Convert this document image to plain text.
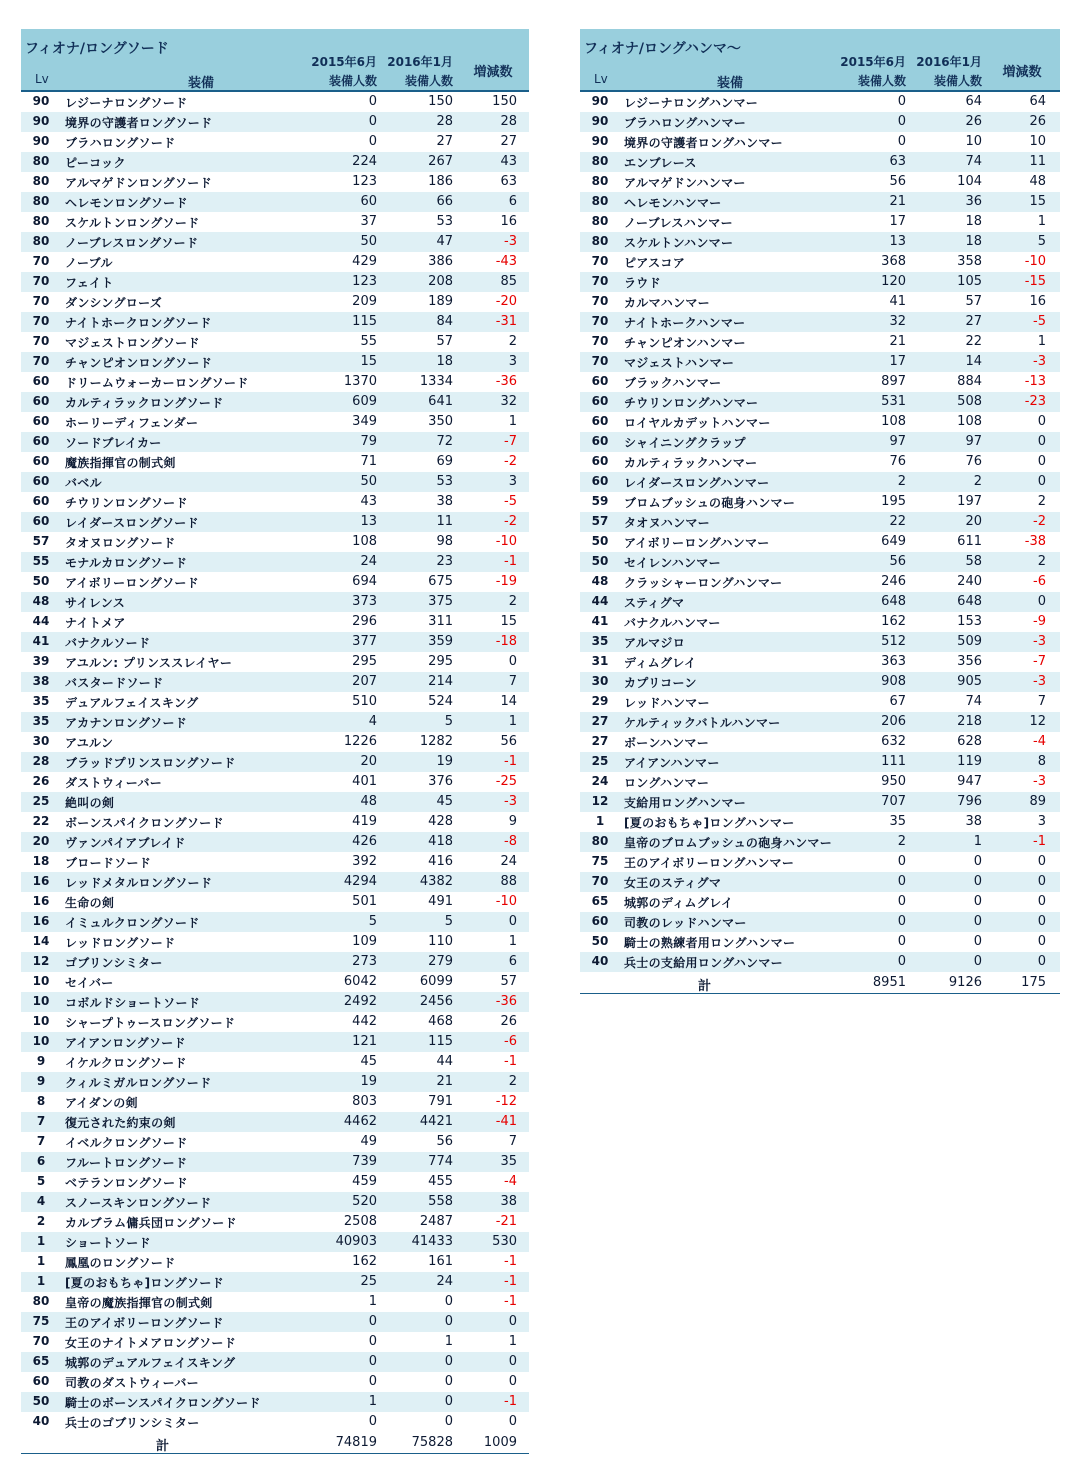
フィオナ/ロングソード
Lv	装備
2015年6月
装備人数
2016年1月
装備人数
増減数
90	レジーナロングソード	0	150	150
90	境界の守護者ロングソード	0	28	28
90	ブラハロングソード	0	27	27
80	ピーコック	224	267	43
80	アルマゲドンロングソード	123	186	63
80	ヘレモンロングソード	60	66	6
80	スケルトンロングソード	37	53	16
80	ノーブレスロングソード	50	47	-3
70	ノーブル	429	386	-43
70	フェイト	123	208	85
70	ダンシングローズ	209	189	-20
70	ナイトホークロングソード	115	84	-31
70	マジェストロングソード	55	57	2
70	チャンピオンロングソード	15	18	3
60	ドリームウォーカーロングソード	1370	1334	-36
60	カルティラックロングソード	609	641	32
60	ホーリーディフェンダー	349	350	1
60	ソードブレイカー	79	72	-7
60	魔族指揮官の制式剣	71	69	-2
60	バベル	50	53	3
60	チウリンロングソード	43	38	-5
60	レイダースロングソード	13	11	-2
57	タオヌロングソード	108	98	-10
55	モナルカロングソード	24	23	-1
50	アイボリーロングソード	694	675	-19
48	サイレンス	373	375	2
44	ナイトメア	296	311	15
41	バナクルソード	377	359	-18
39	アユルン: プリンススレイヤー	295	295	0
38	バスタードソード	207	214	7
35	デュアルフェイスキング	510	524	14
35	アカナンロングソード	4	5	1
30	アユルン	1226	1282	56
28	ブラッドプリンスロングソード	20	19	-1
26	ダストウィーバー	401	376	-25
25	絶叫の剣	48	45	-3
22	ボーンスパイクロングソード	419	428	9
20	ヴァンパイアブレイド	426	418	-8
18	ブロードソード	392	416	24
16	レッドメタルロングソード	4294	4382	88
16	生命の剣	501	491	-10
16	イミュルクロングソード	5	5	0
14	レッドロングソード	109	110	1
12	ゴブリンシミター	273	279	6
10	セイバー	6042	6099	57
10	コボルドショートソード	2492	2456	-36
10	シャープトゥースロングソード	442	468	26
10	アイアンロングソード	121	115	-6
9	イケルクロングソード	45	44	-1
9	クィルミガルロングソード	19	21	2
8	アイダンの剣	803	791	-12
7	復元された約束の剣	4462	4421	-41
7	イベルクロングソード	49	56	7
6	フルートロングソード	739	774	35
5	ベテランロングソード	459	455	-4
4	スノースキンロングソード	520	558	38
2	カルブラム傭兵団ロングソード	2508	2487	-21
1	ショートソード	40903	41433	530
1	鳳凰のロングソード	162	161	-1
1	[夏のおもちゃ]ロングソード	25	24	-1
80	皇帝の魔族指揮官の制式剣	1	0	-1
75	王のアイボリーロングソード	0	0	0
70	女王のナイトメアロングソード	0	1	1
65	城郭のデュアルフェイスキング	0	0	0
60	司教のダストウィーバー	0	0	0
50	騎士のボーンスパイクロングソード	1	0	-1
40	兵士のゴブリンシミター	0	0	0
計	74819	75828	1009
フィオナ/ロングハンマ～
Lv	装備
2015年6月
装備人数
2016年1月
装備人数
増減数
90	レジーナロングハンマー	0	64	64
90	ブラハロングハンマー	0	26	26
90	境界の守護者ロングハンマー	0	10	10
80	エンブレース	63	74	11
80	アルマゲドンハンマー	56	104	48
80	ヘレモンハンマー	21	36	15
80	ノーブレスハンマー	17	18	1
80	スケルトンハンマー	13	18	5
70	ピアスコア	368	358	-10
70	ラウド	120	105	-15
70	カルマハンマー	41	57	16
70	ナイトホークハンマー	32	27	-5
70	チャンピオンハンマー	21	22	1
70	マジェストハンマー	17	14	-3
60	ブラックハンマー	897	884	-13
60	チウリンロングハンマー	531	508	-23
60	ロイヤルカデットハンマー	108	108	0
60	シャイニングクラップ	97	97	0
60	カルティラックハンマー	76	76	0
60	レイダースロングハンマー	2	2	0
59	ブロムブッシュの砲身ハンマー	195	197	2
57	タオヌハンマー	22	20	-2
50	アイボリーロングハンマー	649	611	-38
50	セイレンハンマー	56	58	2
48	クラッシャーロングハンマー	246	240	-6
44	スティグマ	648	648	0
41	バナクルハンマー	162	153	-9
35	アルマジロ	512	509	-3
31	ディムグレイ	363	356	-7
30	カプリコーン	908	905	-3
29	レッドハンマー	67	74	7
27	ケルティックバトルハンマー	206	218	12
27	ボーンハンマー	632	628	-4
25	アイアンハンマー	111	119	8
24	ロングハンマー	950	947	-3
12	支給用ロングハンマー	707	796	89
1	[夏のおもちゃ]ロングハンマー	35	38	3
80	皇帝のブロムブッシュの砲身ハンマー	2	1	-1
75	王のアイボリーロングハンマー	0	0	0
70	女王のスティグマ	0	0	0
65	城郭のディムグレイ	0	0	0
60	司教のレッドハンマー	0	0	0
50	騎士の熟練者用ロングハンマー	0	0	0
40	兵士の支給用ロングハンマー	0	0	0
計	8951	9126	175
